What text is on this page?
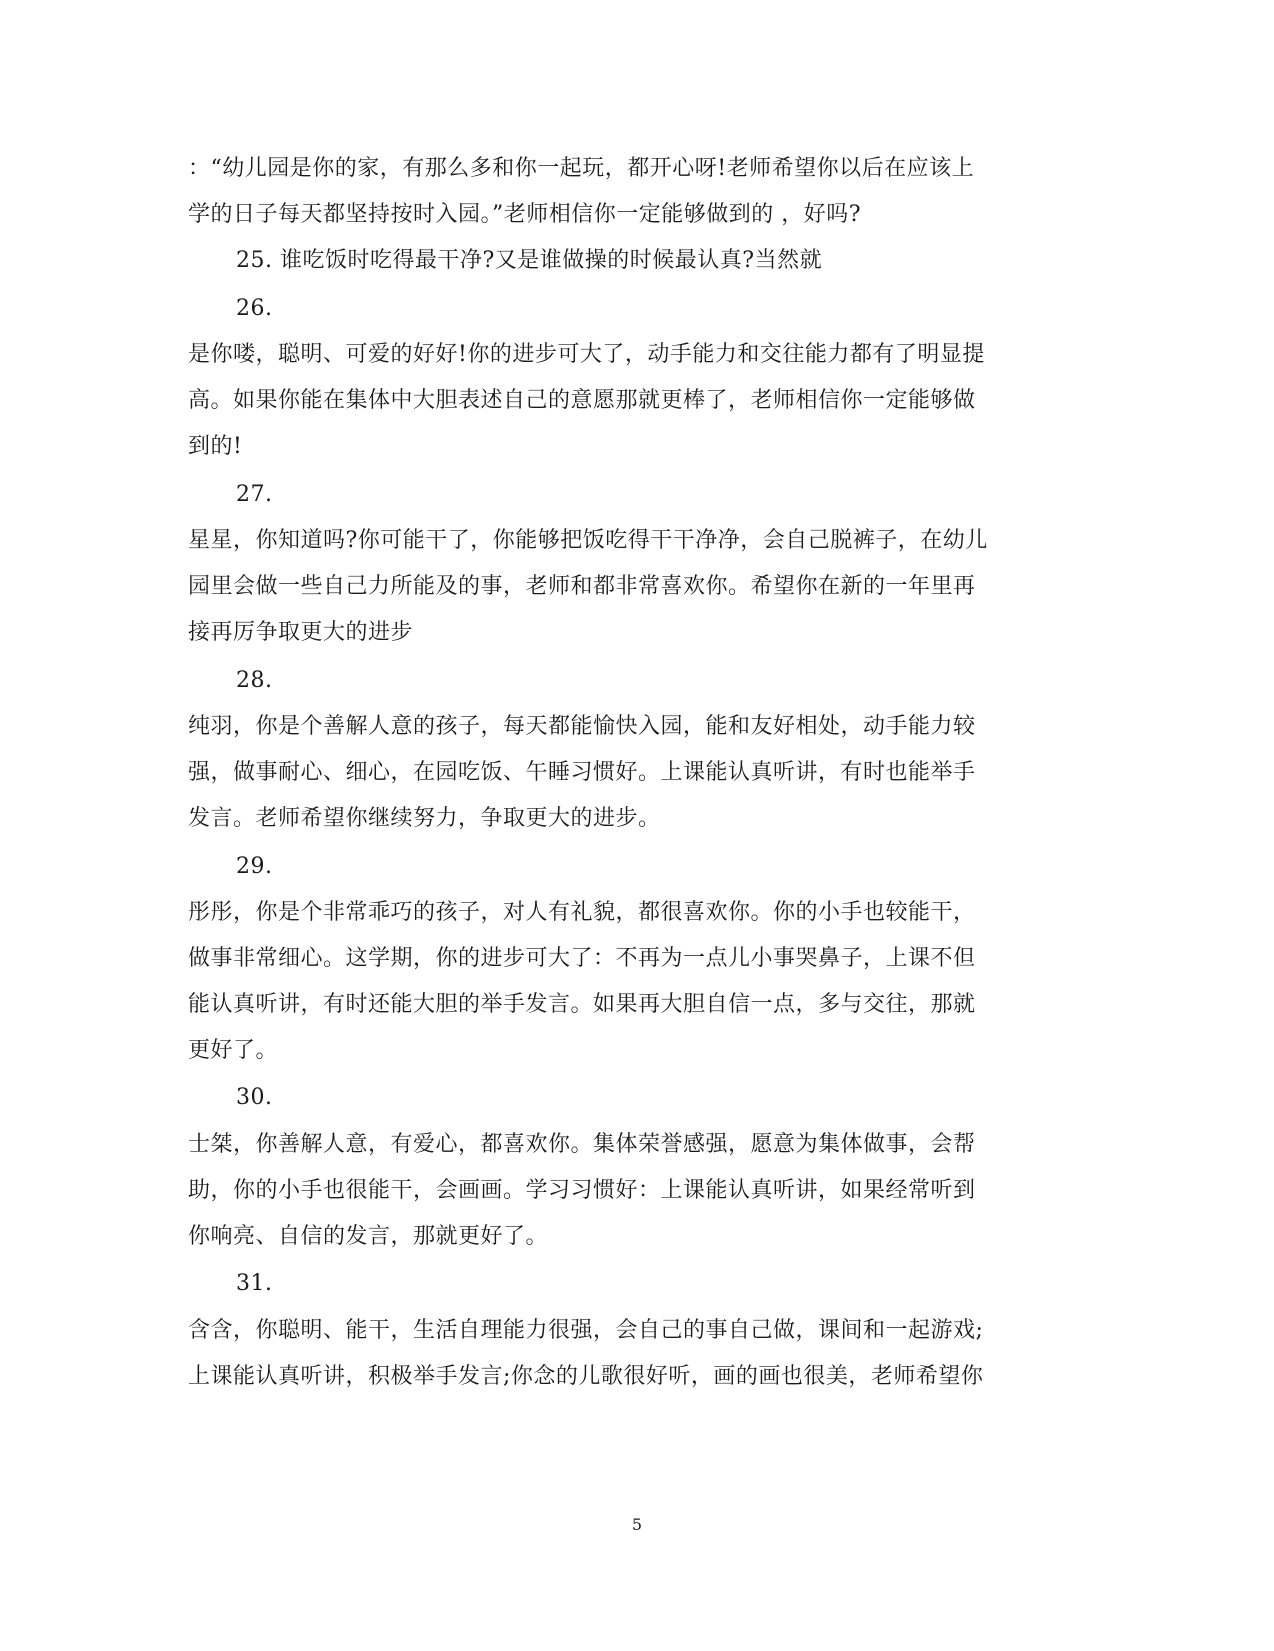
：“幼儿园是你的家，有那么多和你一起玩，都开心呀!老师希望你以后在应该上

学的日子每天都坚持按时入园。”老师相信你一定能够做到的 ，好吗?

25. 谁吃饭时吃得最干净?又是谁做操的时候最认真?当然就

26.

是你喽，聪明、可爱的好好!你的进步可大了，动手能力和交往能力都有了明显提

高。如果你能在集体中大胆表述自己的意愿那就更棒了，老师相信你一定能够做

到的!

27.

星星，你知道吗?你可能干了，你能够把饭吃得干干净净，会自己脱裤子，在幼儿

园里会做一些自己力所能及的事，老师和都非常喜欢你。希望你在新的一年里再

接再厉争取更大的进步

28.

纯羽，你是个善解人意的孩子，每天都能愉快入园，能和友好相处，动手能力较

强，做事耐心、细心，在园吃饭、午睡习惯好。上课能认真听讲，有时也能举手

发言。老师希望你继续努力，争取更大的进步。

29.

彤彤，你是个非常乖巧的孩子，对人有礼貌，都很喜欢你。你的小手也较能干，

做事非常细心。这学期，你的进步可大了：不再为一点儿小事哭鼻子，上课不但

能认真听讲，有时还能大胆的举手发言。如果再大胆自信一点，多与交往，那就

更好了。

30.

士桀，你善解人意，有爱心，都喜欢你。集体荣誉感强，愿意为集体做事，会帮

助，你的小手也很能干，会画画。学习习惯好：上课能认真听讲，如果经常听到

你响亮、自信的发言，那就更好了。

31.

含含，你聪明、能干，生活自理能力很强，会自己的事自己做，课间和一起游戏;

上课能认真听讲，积极举手发言;你念的儿歌很好听，画的画也很美，老师希望你

5
